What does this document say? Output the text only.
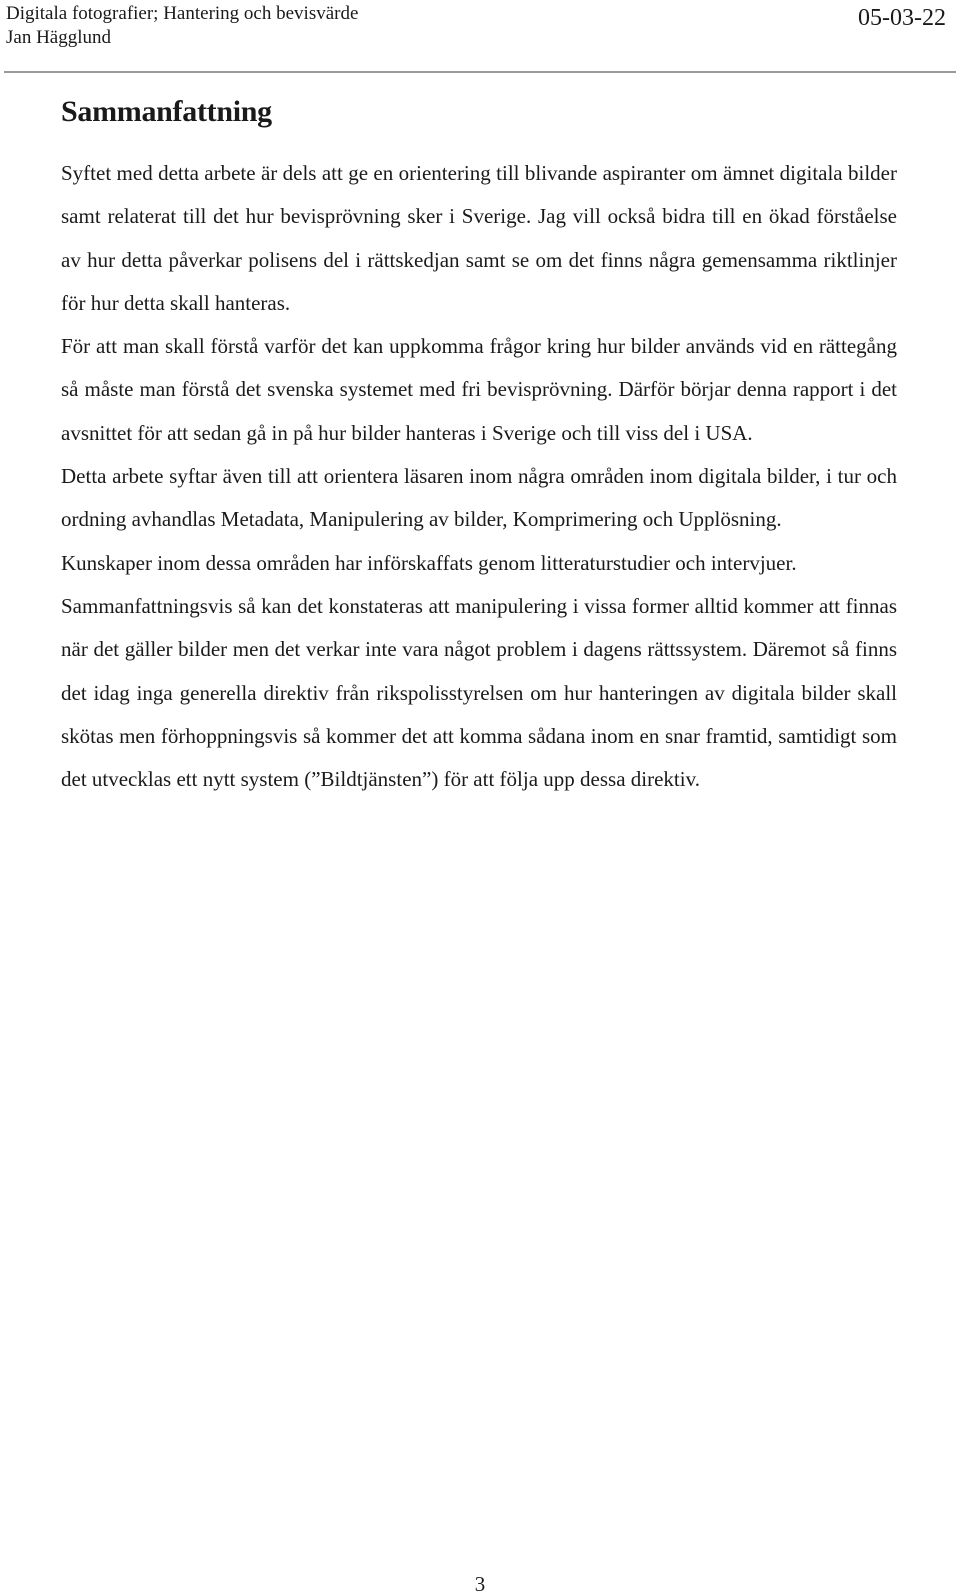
Digitala fotografier; Hantering och bevisvärde
Jan Hägglund
05-03-22
Sammanfattning

Syftet med detta arbete är dels att ge en orientering till blivande aspiranter om ämnet digitala bilder samt relaterat till det hur bevisprövning sker i Sverige. Jag vill också bidra till en ökad förståelse av hur detta påverkar polisens del i rättskedjan samt se om det finns några gemensamma riktlinjer för hur detta skall hanteras.

För att man skall förstå varför det kan uppkomma frågor kring hur bilder används vid en rättegång så måste man förstå det svenska systemet med fri bevisprövning. Därför börjar denna rapport i det avsnittet för att sedan gå in på hur bilder hanteras i Sverige och till viss del i USA.

Detta arbete syftar även till att orientera läsaren inom några områden inom digitala bilder, i tur och ordning avhandlas Metadata, Manipulering av bilder, Komprimering och Upplösning.

Kunskaper inom dessa områden har införskaffats genom litteraturstudier och intervjuer.

Sammanfattningsvis så kan det konstateras att manipulering i vissa former alltid kommer att finnas när det gäller bilder men det verkar inte vara något problem i dagens rättssystem. Däremot så finns det idag inga generella direktiv från rikspolisstyrelsen om hur hanteringen av digitala bilder skall skötas men förhoppningsvis så kommer det att komma sådana inom en snar framtid, samtidigt som det utvecklas ett nytt system (”Bildtjänsten”) för att följa upp dessa direktiv.

3
